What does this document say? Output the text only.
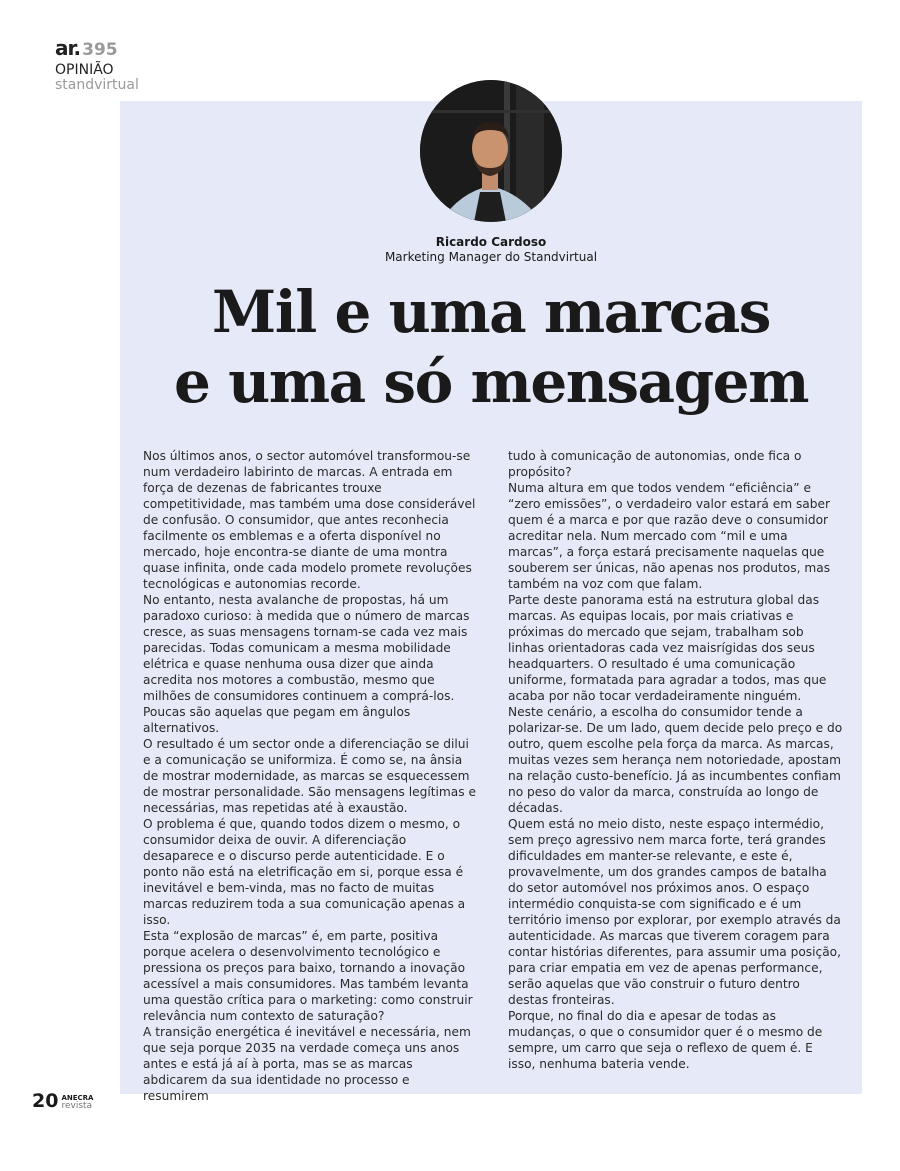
ar. 395
OPINIÃO
standvirtual
Ricardo Cardoso
Marketing Manager do Standvirtual
Mil e uma marcas
e uma só mensagem

Nos últimos anos, o sector automóvel transformou-se num verdadeiro labirinto de marcas. A entrada em força de dezenas de fabricantes trouxe competitividade, mas também uma dose considerável de confusão. O consumidor, que antes reconhecia facilmente os emblemas e a oferta disponível no mercado, hoje encontra-se diante de uma montra quase infinita, onde cada modelo promete revoluções tecnológicas e autonomias recorde.

No entanto, nesta avalanche de propostas, há um paradoxo curioso: à medida que o número de marcas cresce, as suas mensagens tornam-se cada vez mais parecidas. Todas comunicam a mesma mobilidade elétrica e quase nenhuma ousa dizer que ainda acredita nos motores a combustão, mesmo que milhões de consumidores continuem a comprá-los. Poucas são aquelas que pegam em ângulos alternativos.

O resultado é um sector onde a diferenciação se dilui e a comunicação se uniformiza. É como se, na ânsia de mostrar modernidade, as marcas se esquecessem de mostrar personalidade. São mensagens legítimas e necessárias, mas repetidas até à exaustão.

O problema é que, quando todos dizem o mesmo, o consumidor deixa de ouvir. A diferenciação desaparece e o discurso perde autenticidade. E o ponto não está na eletrificação em si, porque essa é inevitável e bem-vinda, mas no facto de muitas marcas reduzirem toda a sua comunicação apenas a isso.

Esta “explosão de marcas” é, em parte, positiva porque acelera o desenvolvimento tecnológico e pressiona os preços para baixo, tornando a inovação acessível a mais consumidores. Mas também levanta uma questão crítica para o marketing: como construir relevância num contexto de saturação?

A transição energética é inevitável e necessária, nem que seja porque 2035 na verdade começa uns anos antes e está já aí à porta, mas se as marcas abdicarem da sua identidade no processo e resumirem

tudo à comunicação de autonomias, onde fica o propósito?

Numa altura em que todos vendem “eficiência” e “zero emissões”, o verdadeiro valor estará em saber quem é a marca e por que razão deve o consumidor acreditar nela. Num mercado com “mil e uma marcas”, a força estará precisamente naquelas que souberem ser únicas, não apenas nos produtos, mas também na voz com que falam.

Parte deste panorama está na estrutura global das marcas. As equipas locais, por mais criativas e próximas do mercado que sejam, trabalham sob linhas orientadoras cada vez maisrígidas dos seus headquarters. O resultado é uma comunicação uniforme, formatada para agradar a todos, mas que acaba por não tocar verdadeiramente ninguém.

Neste cenário, a escolha do consumidor tende a polarizar-se. De um lado, quem decide pelo preço e do outro, quem escolhe pela força da marca. As marcas, muitas vezes sem herança nem notoriedade, apostam na relação custo-benefício. Já as incumbentes confiam no peso do valor da marca, construída ao longo de décadas.

Quem está no meio disto, neste espaço intermédio, sem preço agressivo nem marca forte, terá grandes dificuldades em manter-se relevante, e este é, provavelmente, um dos grandes campos de batalha do setor automóvel nos próximos anos. O espaço intermédio conquista-se com significado e é um território imenso por explorar, por exemplo através da autenticidade. As marcas que tiverem coragem para contar histórias diferentes, para assumir uma posição, para criar empatia em vez de apenas performance, serão aquelas que vão construir o futuro dentro destas fronteiras.

Porque, no final do dia e apesar de todas as mudanças, o que o consumidor quer é o mesmo de sempre, um carro que seja o reflexo de quem é. E isso, nenhuma bateria vende.

20 ANECRA
revista
